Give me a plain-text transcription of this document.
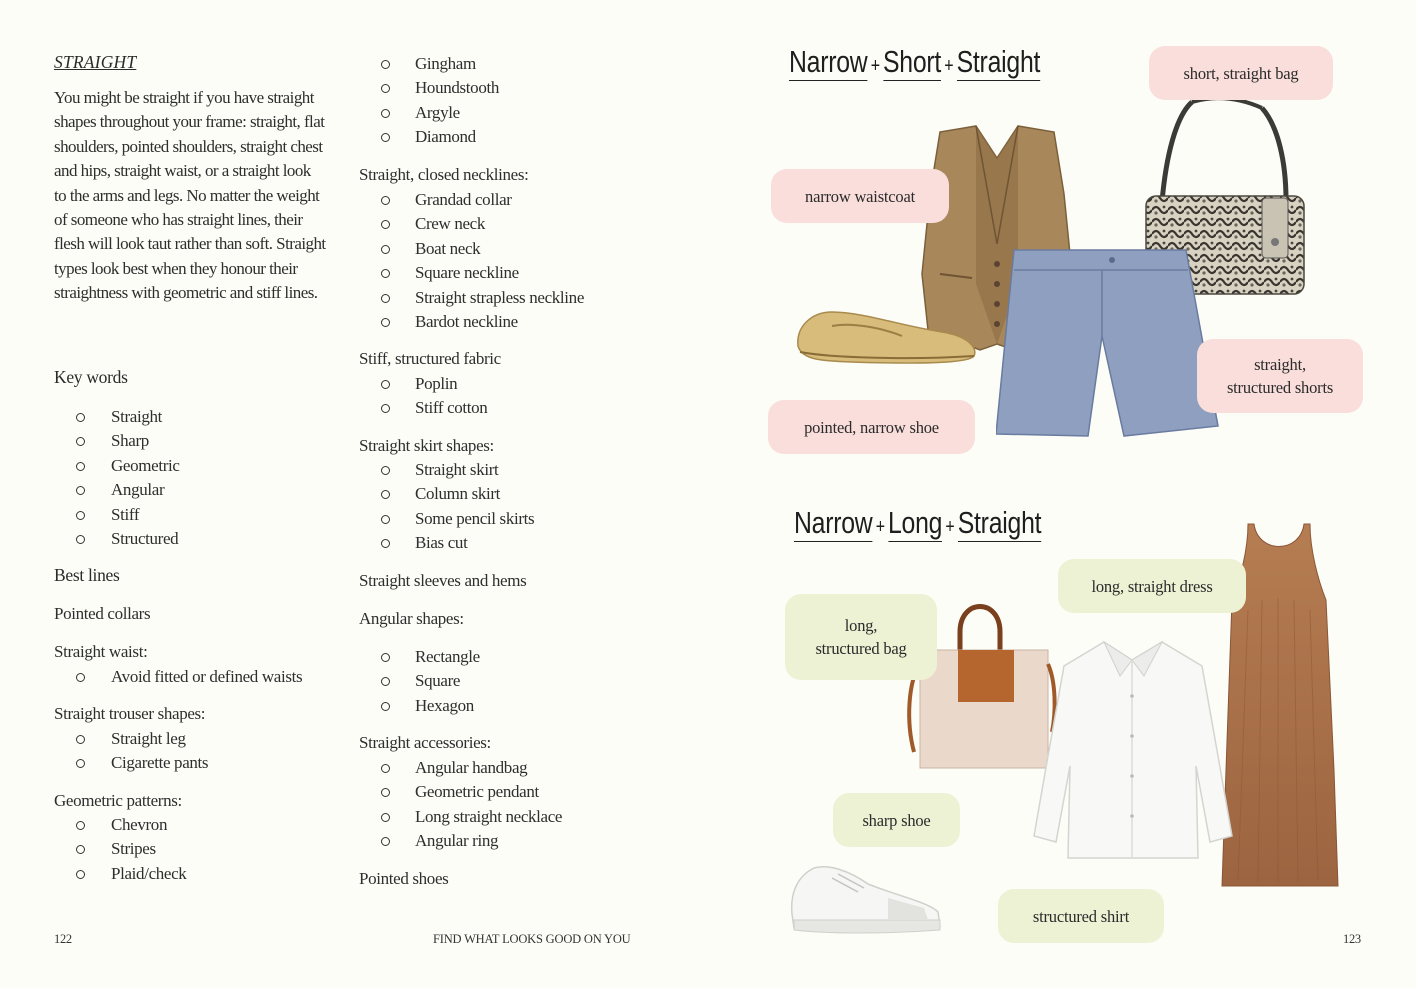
STRAIGHT
You might be straight if you have straight shapes throughout your frame: straight, flat shoulders, pointed shoulders, straight chest and hips, straight waist, or a straight look to the arms and legs. No matter the weight of someone who has straight lines, their flesh will look taut rather than soft. Straight types look best when they honour their straightness with geometric and stiff lines.
Key words
Straight
Sharp
Geometric
Angular
Stiff
Structured
Best lines
Pointed collars
Straight waist:
Avoid fitted or defined waists
Straight trouser shapes:
Straight leg
Cigarette pants
Geometric patterns:
Chevron
Stripes
Plaid/check
Gingham
Houndstooth
Argyle
Diamond
Straight, closed necklines:
Grandad collar
Crew neck
Boat neck
Square neckline
Straight strapless neckline
Bardot neckline
Stiff, structured fabric
Poplin
Stiff cotton
Straight skirt shapes:
Straight skirt
Column skirt
Some pencil skirts
Bias cut
Straight sleeves and hems
Angular shapes:
Rectangle
Square
Hexagon
Straight accessories:
Angular handbag
Geometric pendant
Long straight necklace
Angular ring
Pointed shoes
122	FIND WHAT LOOKS GOOD ON YOU	123
Narrow + Short + Straight	short, straight bag
narrow waistcoat
straight,
structured shorts
pointed, narrow shoe
Narrow + Long + Straight
long, straight dress
long,
structured bag
sharp shoe
structured shirt
